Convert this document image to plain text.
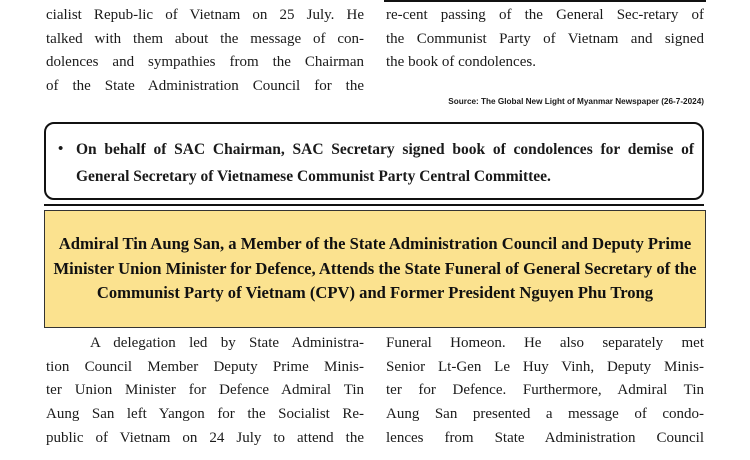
cialist Repub-lic of Vietnam on 25 July. He
talked with them about the message of con-
dolences and sympathies from the Chairman
of the State Administration Council for the
re-cent passing of the General Sec-retary of
the Communist Party of Vietnam and signed
the book of condolences.
Source: The Global New Light of Myanmar Newspaper (26-7-2024)
• On behalf of SAC Chairman, SAC Secretary signed book of condolences for demise of General Secretary of Vietnamese Communist Party Central Committee.
Admiral Tin Aung San, a Member of the State Administration Council and Deputy Prime Minister Union Minister for Defence, Attends the State Funeral of General Secretary of the Communist Party of Vietnam (CPV) and Former President Nguyen Phu Trong
A delegation led by State Administra-
tion Council Member Deputy Prime Minis-
ter Union Minister for Defence Admiral Tin
Aung San left Yangon for the Socialist Re-
public of Vietnam on 24 July to attend the
Funeral Homeon. He also separately met
Senior Lt-Gen Le Huy Vinh, Deputy Minis-
ter for Defence. Furthermore, Admiral Tin
Aung San presented a message of condo-
lences from State Administration Council
